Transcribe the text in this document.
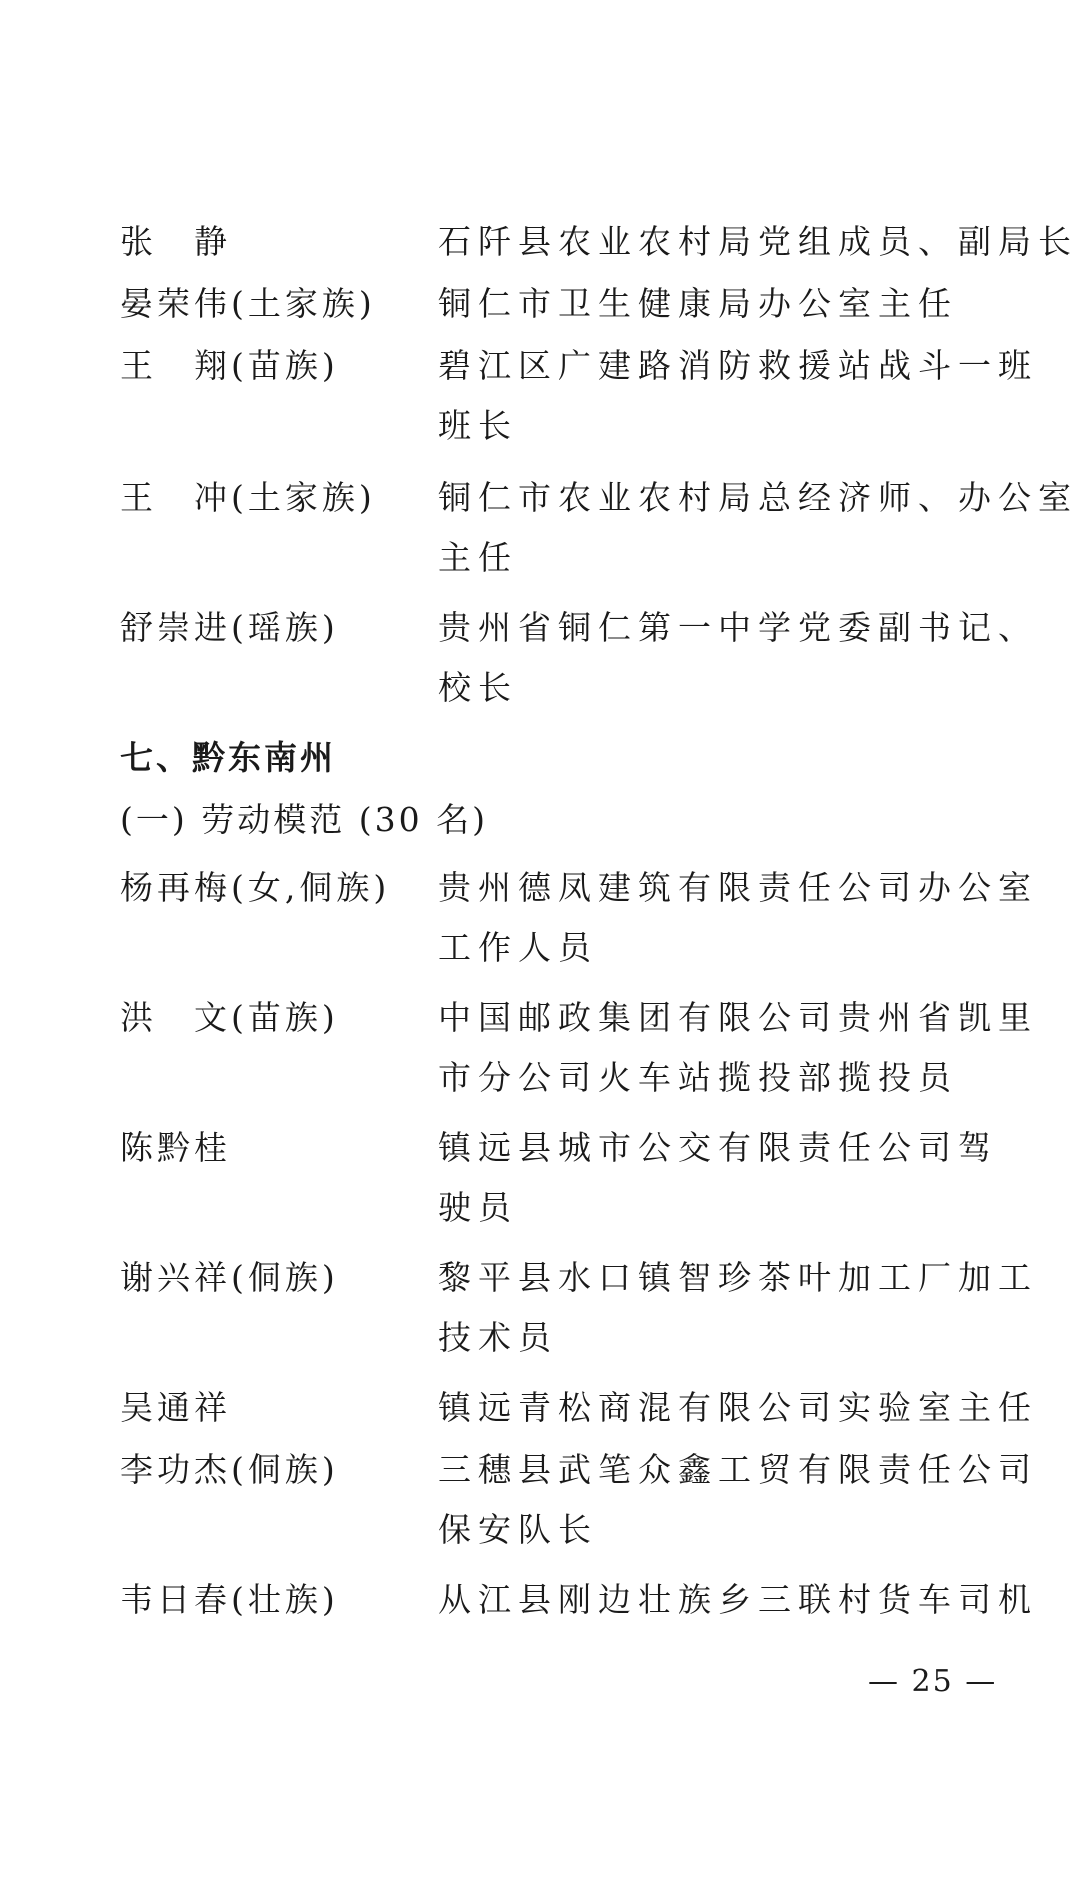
张　静	石阡县农业农村局党组成员、副局长
晏荣伟(土家族)	铜仁市卫生健康局办公室主任
王　翔(苗族)	碧江区广建路消防救援站战斗一班
班长
王　冲(土家族)	铜仁市农业农村局总经济师、办公室
主任
舒崇进(瑶族)	贵州省铜仁第一中学党委副书记、
校长
七、黔东南州
(一) 劳动模范 (30 名)
杨再梅(女,侗族)	贵州德凤建筑有限责任公司办公室
工作人员
洪　文(苗族)	中国邮政集团有限公司贵州省凯里
市分公司火车站揽投部揽投员
陈黔桂	镇远县城市公交有限责任公司驾
驶员
谢兴祥(侗族)	黎平县水口镇智珍茶叶加工厂加工
技术员
吴通祥	镇远青松商混有限公司实验室主任
李功杰(侗族)	三穗县武笔众鑫工贸有限责任公司
保安队长
韦日春(壮族)	从江县刚边壮族乡三联村货车司机
— 25 —
